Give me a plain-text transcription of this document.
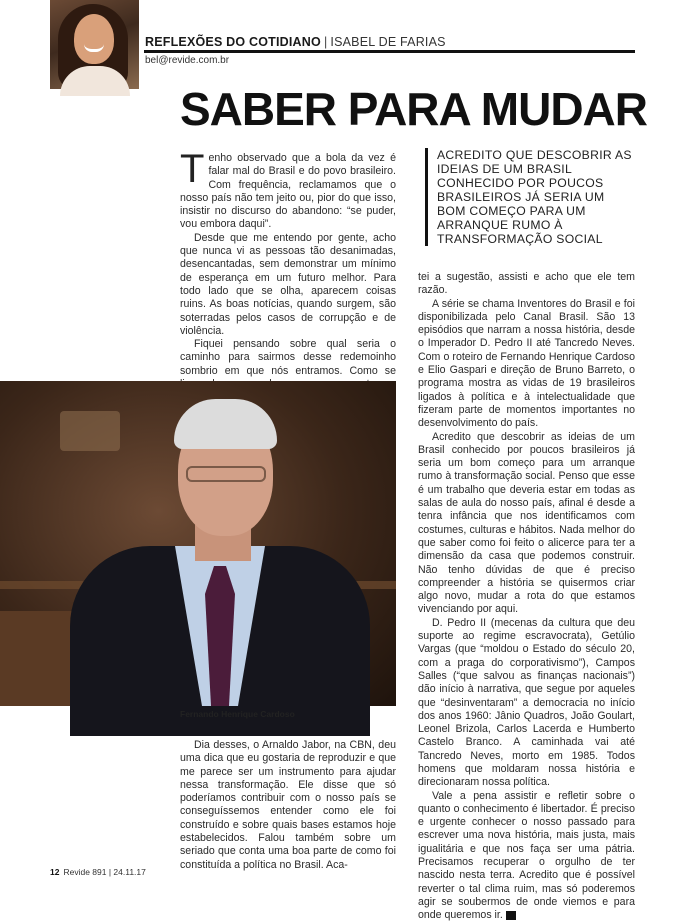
REFLEXÕES DO COTIDIANO | ISABEL DE FARIAS
bel@revide.com.br
SABER PARA MUDAR

Tenho observado que a bola da vez é falar mal do Brasil e do povo brasileiro. Com frequência, reclamamos que o nosso país não tem jeito ou, pior do que isso, insistir no discurso do abandono: “se puder, vou embora daqui”.

Desde que me entendo por gente, acho que nunca vi as pessoas tão desanimadas, desencantadas, sem demonstrar um mínimo de esperança em um futuro melhor. Para todo lado que se olha, aparecem coisas ruins. As boas notícias, quando surgem, são soterradas pelos casos de corrupção e de violência.

Fiquei pensando sobre qual seria o caminho para sairmos desse redemoinho sombrio em que nós entramos. Como se

ACREDITO QUE DESCOBRIR AS IDEIAS DE UM BRASIL CONHECIDO POR POUCOS BRASILEIROS JÁ SERIA UM BOM COMEÇO PARA UM ARRANQUE RUMO À TRANSFORMAÇÃO SOCIAL
Fernando Henrique Cardoso

Dia desses, o Arnaldo Jabor, na CBN, deu uma dica que eu gostaria de reproduzir e que me parece ser um instrumento para ajudar nessa transformação. Ele disse que só poderíamos contribuir com o nosso país se conseguíssemos entender como ele foi construído e sobre quais bases estamos hoje estabelecidos. Falou também sobre um seriado que conta uma boa parte de como foi constituída a política no Brasil. Aca-

tei a sugestão, assisti e acho que ele tem razão.

A série se chama Inventores do Brasil e foi disponibilizada pelo Canal Brasil. São 13 episódios que narram a nossa história, desde o Imperador D. Pedro II até Tancredo Neves. Com o roteiro de Fernando Henrique Cardoso e Elio Gaspari e direção de Bruno Barreto, o programa mostra as vidas de 19 brasileiros ligados à política e à intelectualidade que fizeram parte de momentos importantes no desenvolvimento do país.

Acredito que descobrir as ideias de um Brasil conhecido por poucos brasileiros já seria um bom começo para um arranque rumo à transformação social. Penso que esse é um trabalho que deveria estar em todas as salas de aula do nosso país, afinal é desde a tenra infância que nos identificamos com costumes, culturas e hábitos. Nada melhor do que saber como foi feito o alicerce para ter a dimensão da casa que podemos construir. Não tenho dúvidas de que é preciso compreender a história se quisermos criar algo novo, mudar a rota do que estamos vivenciando por aqui.

D. Pedro II (mecenas da cultura que deu suporte ao regime escravocrata), Getúlio Vargas (que “moldou o Estado do século 20, com a praga do corporativismo”), Campos Salles (“que salvou as finanças nacionais”) dão início à narrativa, que segue por aqueles que “desinventaram” a democracia no início dos anos 1960: Jânio Quadros, João Goulart, Leonel Brizola, Carlos Lacerda e Humberto Castelo Branco. A caminhada vai até Tancredo Neves, morto em 1985. Todos homens que moldaram nossa história e direcionaram nossa política.

Vale a pena assistir e refletir sobre o quanto o conhecimento é libertador. É preciso e urgente conhecer o nosso passado para escrever uma nova história, mais justa, mais igualitária e que nos faça ser uma pátria. Precisamos recuperar o orgulho de ter nascido nesta terra. Acredito que é possível reverter o tal clima ruim, mas só poderemos agir se soubermos de onde viemos e para onde queremos ir.

12 Revide 891 | 24.11.17
